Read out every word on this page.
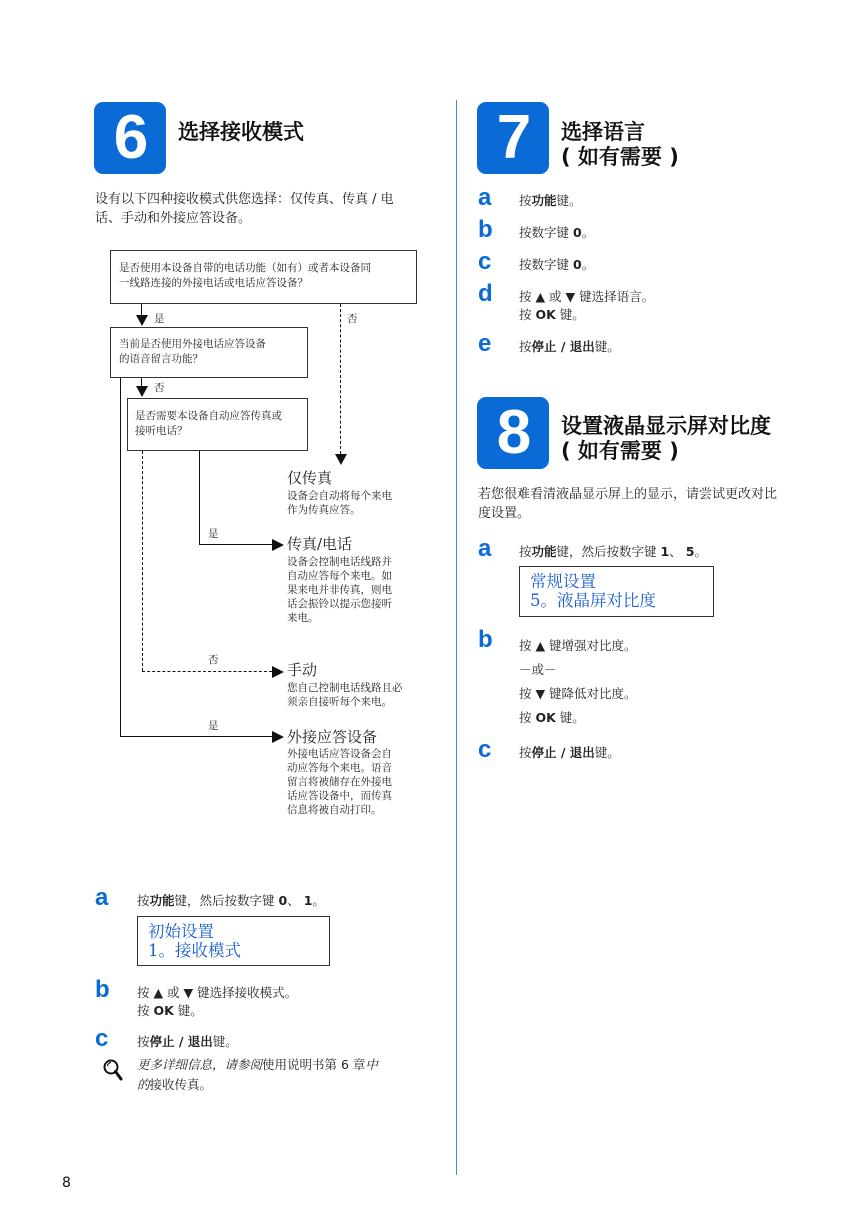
6	选择接收模式
设有以下四种接收模式供您选择：仅传真、传真 / 电
话、手动和外接应答设备。
是否使用本设备自带的电话功能（如有）或者本设备同
一线路连接的外接电话或电话应答设备？
是	否
当前是否使用外接电话应答设备
的语音留言功能？
否
是
是否需要本设备自动应答传真或
接听电话？
是
否
仅传真
设备会自动将每个来电
作为传真应答。
传真/电话
设备会控制电话线路并
自动应答每个来电。如
果来电并非传真，则电
话会振铃以提示您接听
来电。
手动
您自己控制电话线路且必
须亲自接听每个来电。
外接应答设备
外接电话应答设备会自
动应答每个来电。语音
留言将被储存在外接电
话应答设备中，而传真
信息将被自动打印。
a 按功能键，然后按数字键 0、 1。
初始设置
1。接收模式
b 按 ▲ 或 ▼ 键选择接收模式。
按 OK 键。
c 按停止 / 退出键。
更多详细信息，请参阅使用说明书第 6 章中
的接收传真。
7	选择语言
( 如有需要 )
a 按功能键。
b 按数字键 0。
c 按数字键 0。
d 按 ▲ 或 ▼ 键选择语言。
按 OK 键。
e 按停止 / 退出键。
8	设置液晶显示屏对比度
( 如有需要 )
若您很难看清液晶显示屏上的显示，请尝试更改对比
度设置。
a 按功能键，然后按数字键 1、 5。
常规设置
5。液晶屏对比度
b 按 ▲ 键增强对比度。
－或－
按 ▼ 键降低对比度。
按 OK 键。
c 按停止 / 退出键。
8
